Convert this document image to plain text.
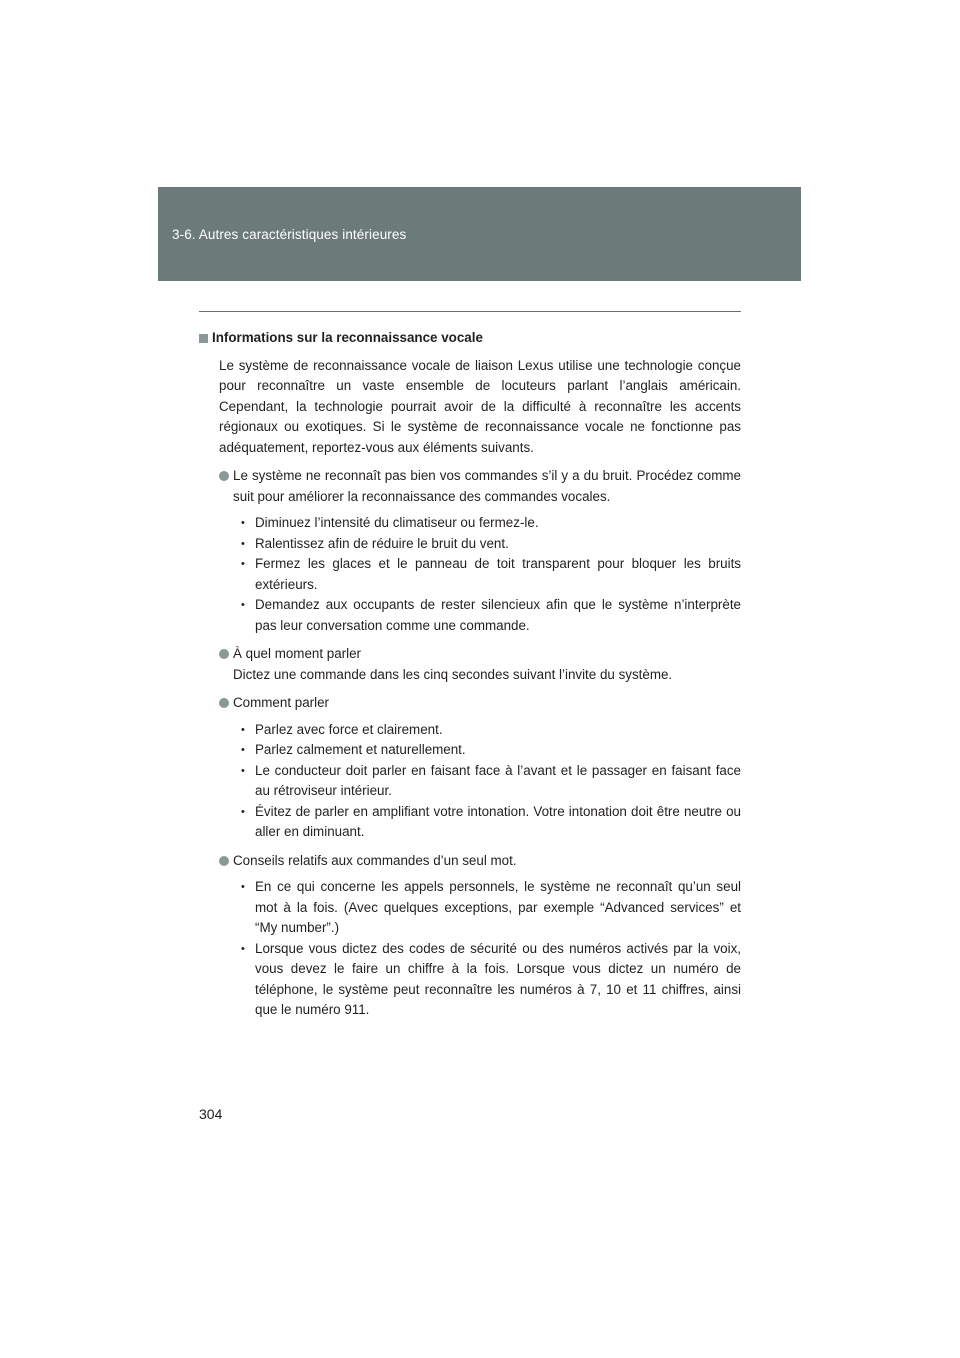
3-6. Autres caractéristiques intérieures
Informations sur la reconnaissance vocale

Le système de reconnaissance vocale de liaison Lexus utilise une technologie conçue pour reconnaître un vaste ensemble de locuteurs parlant l’anglais américain. Cependant, la technologie pourrait avoir de la difficulté à reconnaître les accents régionaux ou exotiques. Si le système de reconnaissance vocale ne fonctionne pas adéquatement, reportez-vous aux éléments suivants.

Le système ne reconnaît pas bien vos commandes s’il y a du bruit. Procédez comme suit pour améliorer la reconnaissance des commandes vocales.
• Diminuez l’intensité du climatiseur ou fermez-le.
• Ralentissez afin de réduire le bruit du vent.
• Fermez les glaces et le panneau de toit transparent pour bloquer les bruits extérieurs.
• Demandez aux occupants de rester silencieux afin que le système n’interprète pas leur conversation comme une commande.
À quel moment parler
Dictez une commande dans les cinq secondes suivant l’invite du système.
Comment parler
• Parlez avec force et clairement.
• Parlez calmement et naturellement.
• Le conducteur doit parler en faisant face à l’avant et le passager en faisant face au rétroviseur intérieur.
• Évitez de parler en amplifiant votre intonation. Votre intonation doit être neutre ou aller en diminuant.
Conseils relatifs aux commandes d’un seul mot.
• En ce qui concerne les appels personnels, le système ne reconnaît qu’un seul mot à la fois. (Avec quelques exceptions, par exemple “Advanced services” et “My number”.)
• Lorsque vous dictez des codes de sécurité ou des numéros activés par la voix, vous devez le faire un chiffre à la fois. Lorsque vous dictez un numéro de téléphone, le système peut reconnaître les numéros à 7, 10 et 11 chiffres, ainsi que le numéro 911.
304
